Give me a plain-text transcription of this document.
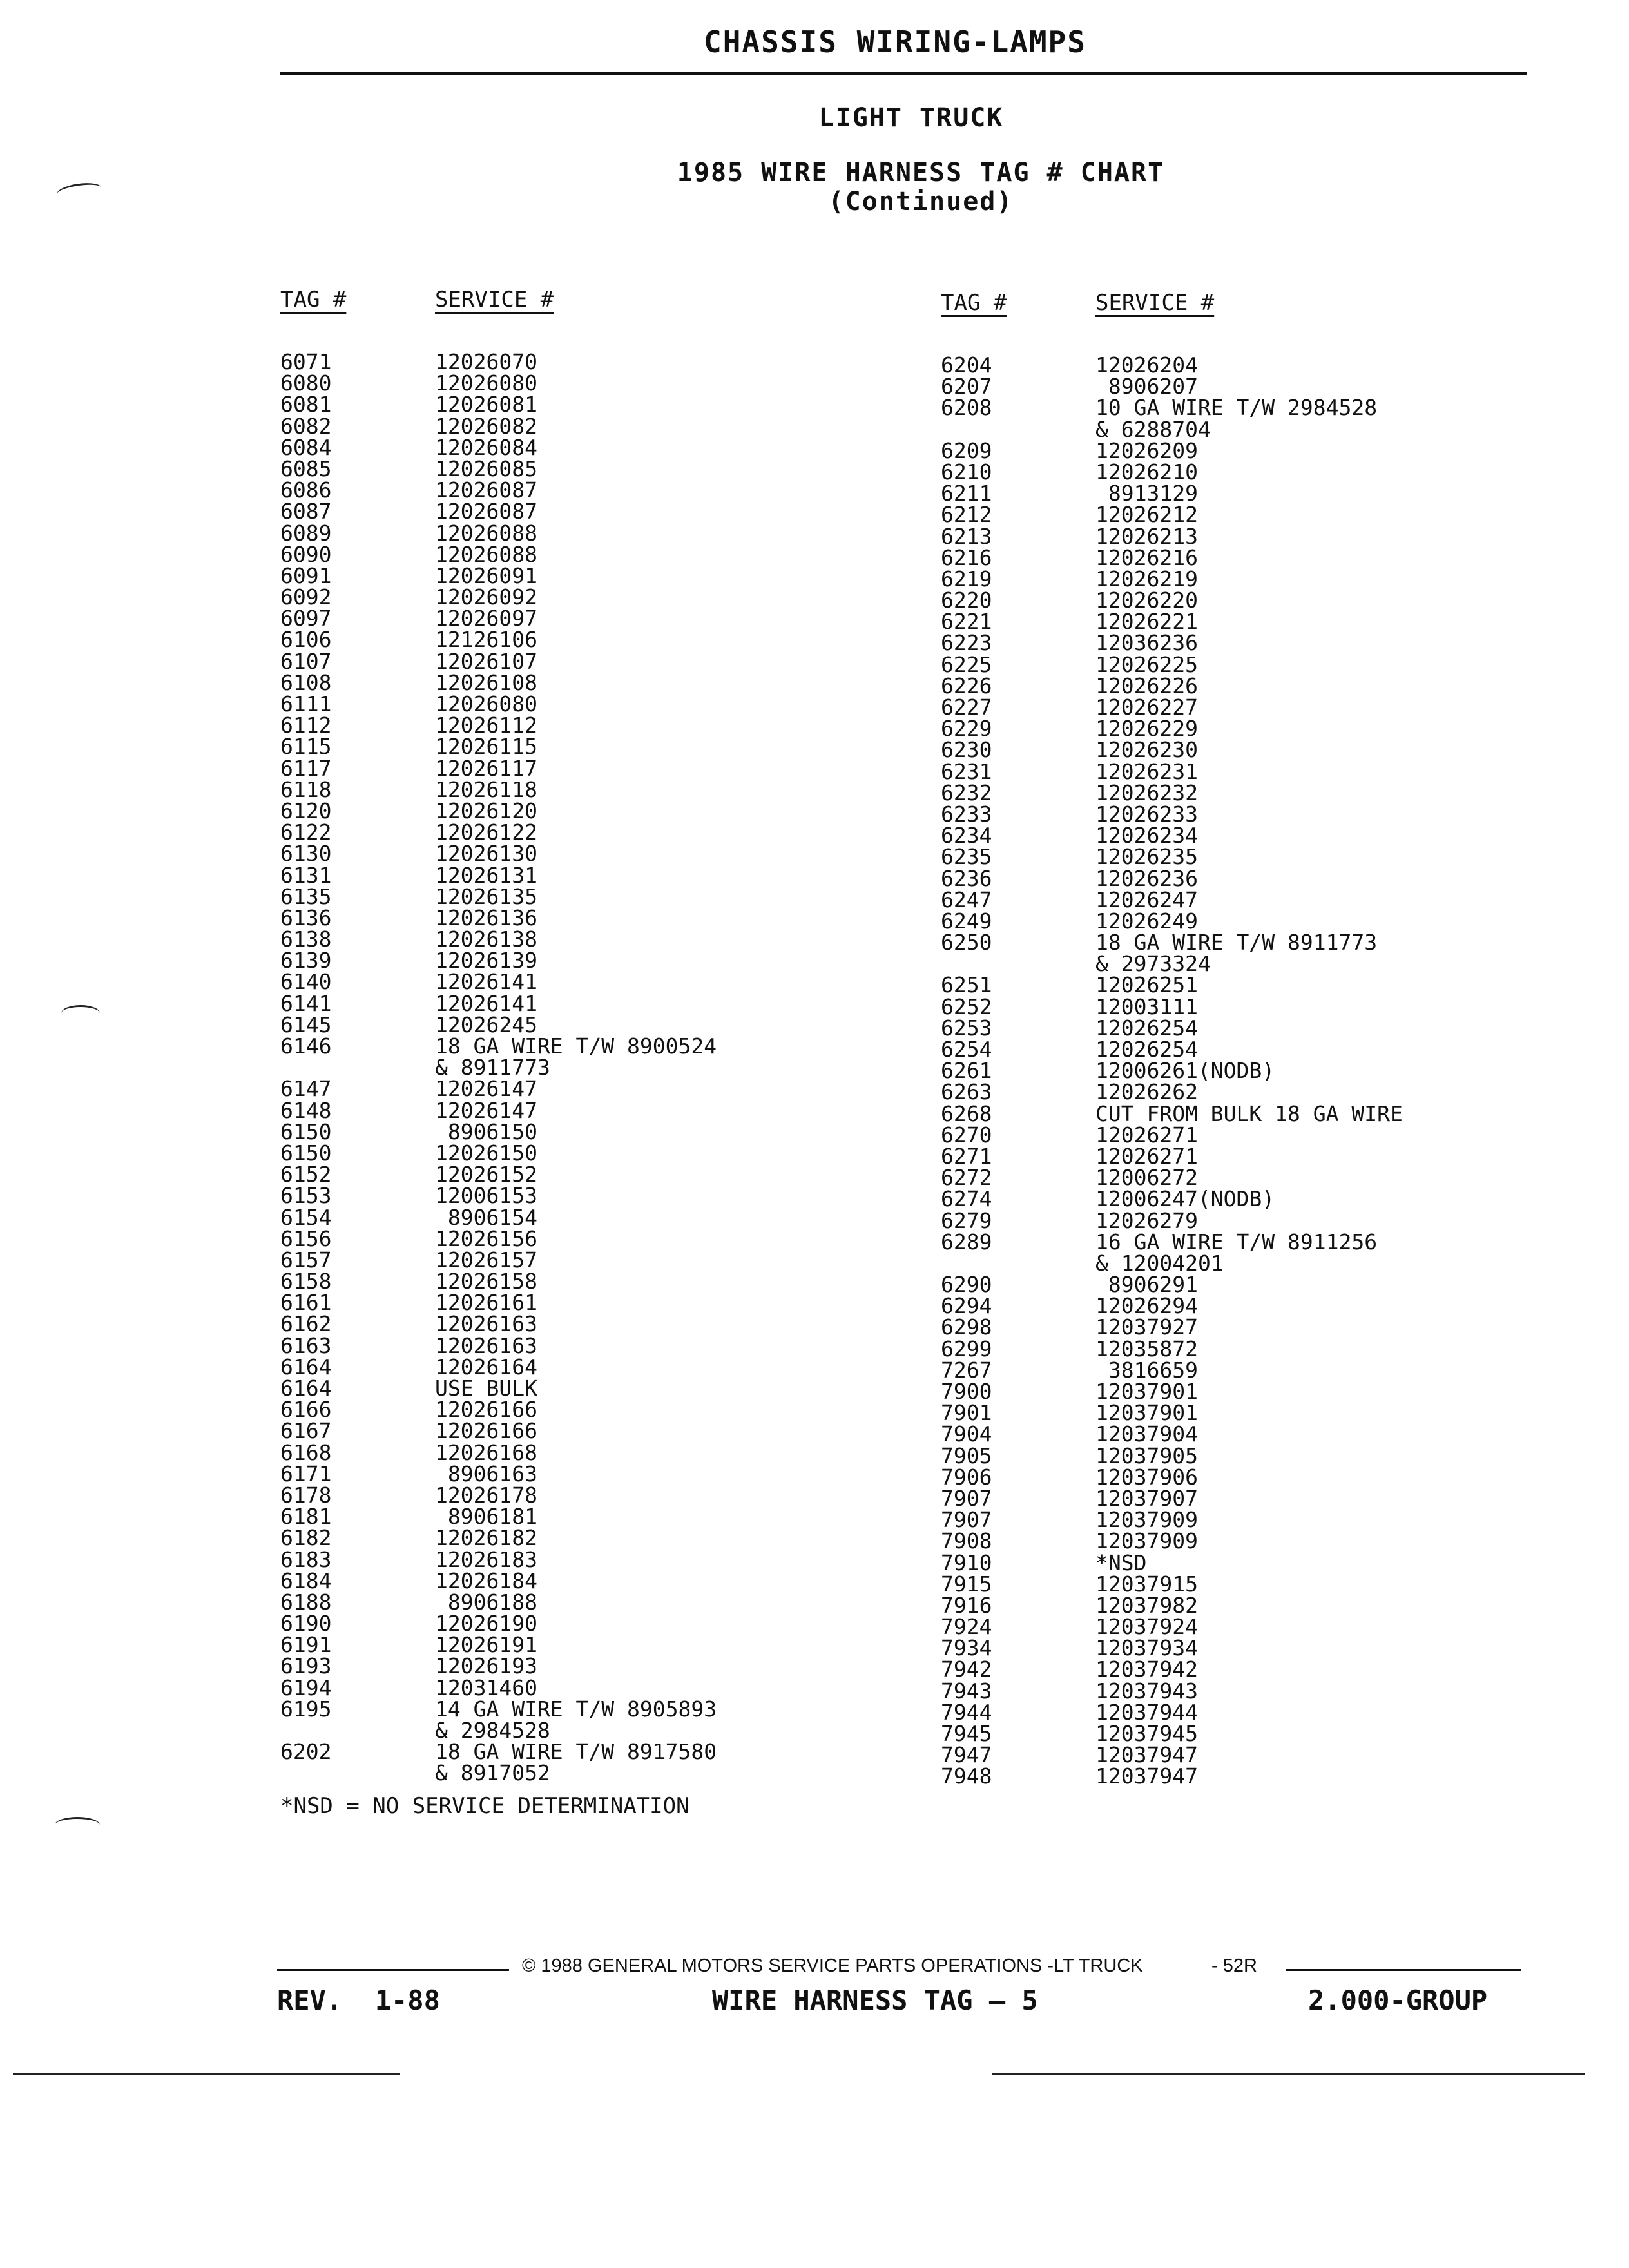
CHASSIS WIRING-LAMPS
LIGHT TRUCK
1985 WIRE HARNESS TAG # CHART
(Continued)
TAG #	SERVICE #	TAG #	SERVICE #
6071	12026070
6080	12026080
6081	12026081
6082	12026082
6084	12026084
6085	12026085
6086	12026087
6087	12026087
6089	12026088
6090	12026088
6091	12026091
6092	12026092
6097	12026097
6106	12126106
6107	12026107
6108	12026108
6111	12026080
6112	12026112
6115	12026115
6117	12026117
6118	12026118
6120	12026120
6122	12026122
6130	12026130
6131	12026131
6135	12026135
6136	12026136
6138	12026138
6139	12026139
6140	12026141
6141	12026141
6145	12026245
6146	18 GA WIRE T/W 8900524
& 8911773
6147	12026147
6148	12026147
6150	8906150
6150	12026150
6152	12026152
6153	12006153
6154	8906154
6156	12026156
6157	12026157
6158	12026158
6161	12026161
6162	12026163
6163	12026163
6164	12026164
6164	USE BULK
6166	12026166
6167	12026166
6168	12026168
6171	8906163
6178	12026178
6181	8906181
6182	12026182
6183	12026183
6184	12026184
6188	8906188
6190	12026190
6191	12026191
6193	12026193
6194	12031460
6195	14 GA WIRE T/W 8905893
& 2984528
6202	18 GA WIRE T/W 8917580
& 8917052
6204	12026204
6207	8906207
6208	10 GA WIRE T/W 2984528
& 6288704
6209	12026209
6210	12026210
6211	8913129
6212	12026212
6213	12026213
6216	12026216
6219	12026219
6220	12026220
6221	12026221
6223	12036236
6225	12026225
6226	12026226
6227	12026227
6229	12026229
6230	12026230
6231	12026231
6232	12026232
6233	12026233
6234	12026234
6235	12026235
6236	12026236
6247	12026247
6249	12026249
6250	18 GA WIRE T/W 8911773
& 2973324
6251	12026251
6252	12003111
6253	12026254
6254	12026254
6261	12006261(NODB)
6263	12026262
6268	CUT FROM BULK 18 GA WIRE
6270	12026271
6271	12026271
6272	12006272
6274	12006247(NODB)
6279	12026279
6289	16 GA WIRE T/W 8911256
& 12004201
6290	8906291
6294	12026294
6298	12037927
6299	12035872
7267	3816659
7900	12037901
7901	12037901
7904	12037904
7905	12037905
7906	12037906
7907	12037907
7907	12037909
7908	12037909
7910	*NSD
7915	12037915
7916	12037982
7924	12037924
7934	12037934
7942	12037942
7943	12037943
7944	12037944
7945	12037945
7947	12037947
7948	12037947
*NSD = NO SERVICE DETERMINATION
© 1988 GENERAL MOTORS SERVICE PARTS OPERATIONS -LT TRUCK	- 52R
REV.  1-88	WIRE HARNESS TAG — 5	2.000-GROUP
